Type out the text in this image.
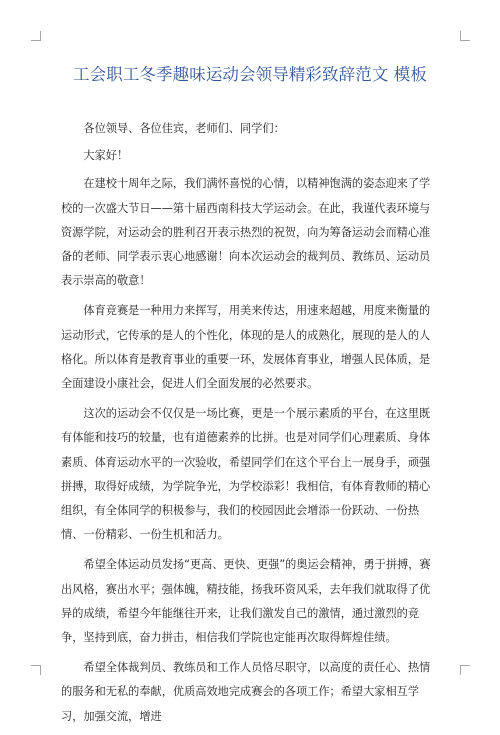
工会职工冬季趣味运动会领导精彩致辞范文 模板

各位领导、各位佳宾，老师们、同学们：

大家好！

在建校十周年之际，我们满怀喜悦的心情，以精神饱满的姿态迎来了学校的一次盛大节日——第十届西南科技大学运动会。在此，我谨代表环境与资源学院，对运动会的胜利召开表示热烈的祝贺，向为筹备运动会而精心准备的老师、同学表示衷心地感谢！向本次运动会的裁判员、教练员、运动员表示崇高的敬意！

体育竞赛是一种用力来挥写，用美来传达，用速来超越，用度来衡量的运动形式，它传承的是人的个性化，体现的是人的成熟化，展现的是人的人格化。所以体育是教育事业的重要一环，发展体育事业，增强人民体质，是全面建设小康社会，促进人们全面发展的必然要求。

这次的运动会不仅仅是一场比赛，更是一个展示素质的平台，在这里既有体能和技巧的较量，也有道德素养的比拼。也是对同学们心理素质、身体素质、体育运动水平的一次验收，希望同学们在这个平台上一展身手，顽强拼搏，取得好成绩，为学院争光，为学校添彩！我相信，有体育教师的精心组织，有全体同学的积极参与，我们的校园因此会增添一份跃动、一份热情、一份精彩、一份生机和活力。

希望全体运动员发扬“更高、更快、更强”的奥运会精神，勇于拼搏，赛出风格，赛出水平；强体魄，精技能，扬我环资风采，去年我们就取得了优异的成绩，希望今年能继往开来，让我们激发自己的激情，通过激烈的竞争，坚持到底，奋力拼击，相信我们学院也定能再次取得辉煌佳绩。

希望全体裁判员、教练员和工作人员恪尽职守，以高度的责任心、热情的服务和无私的奉献，优质高效地完成赛会的各项工作；希望大家相互学习，加强交流，增进
